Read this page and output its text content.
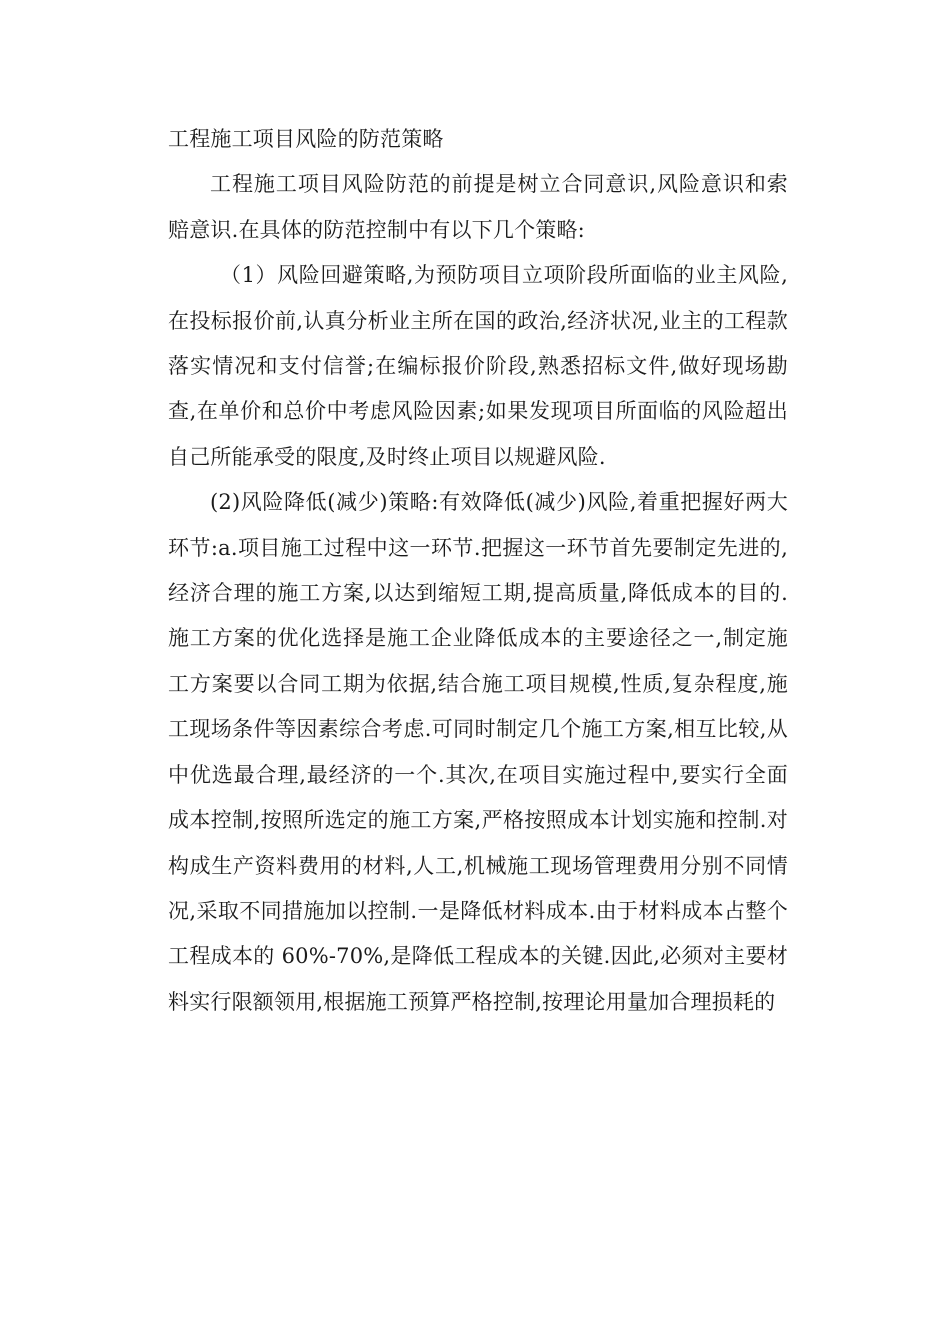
工程施工项目风险的防范策略

工程施工项目风险防范的前提是树立合同意识,风险意识和索赔意识.在具体的防范控制中有以下几个策略:

（1）风险回避策略,为预防项目立项阶段所面临的业主风险,在投标报价前,认真分析业主所在国的政治,经济状况,业主的工程款落实情况和支付信誉;在编标报价阶段,熟悉招标文件,做好现场勘查,在单价和总价中考虑风险因素;如果发现项目所面临的风险超出自己所能承受的限度,及时终止项目以规避风险.

(2)风险降低(减少)策略:有效降低(减少)风险,着重把握好两大环节:a.项目施工过程中这一环节.把握这一环节首先要制定先进的,经济合理的施工方案,以达到缩短工期,提高质量,降低成本的目的.施工方案的优化选择是施工企业降低成本的主要途径之一,制定施工方案要以合同工期为依据,结合施工项目规模,性质,复杂程度,施工现场条件等因素综合考虑.可同时制定几个施工方案,相互比较,从中优选最合理,最经济的一个.其次,在项目实施过程中,要实行全面成本控制,按照所选定的施工方案,严格按照成本计划实施和控制.对构成生产资料费用的材料,人工,机械施工现场管理费用分别不同情况,采取不同措施加以控制.一是降低材料成本.由于材料成本占整个工程成本的 60%-70%,是降低工程成本的关键.因此,必须对主要材料实行限额领用,根据施工预算严格控制,按理论用量加合理损耗的
